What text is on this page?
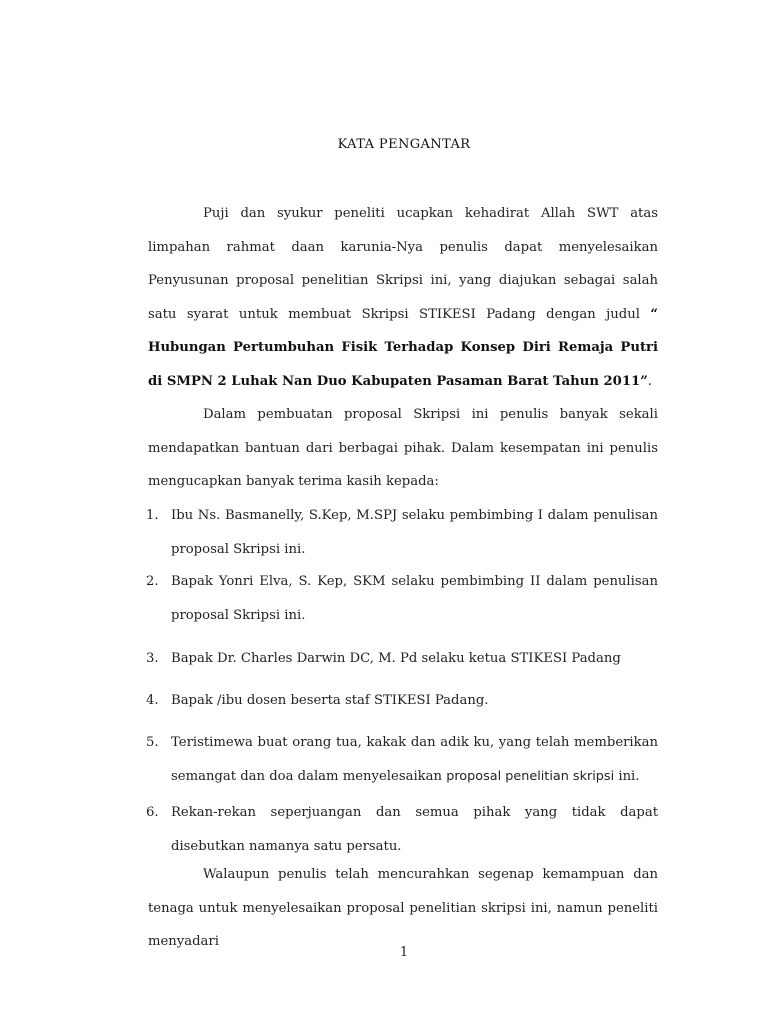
KATA PENGANTAR

Puji dan syukur peneliti ucapkan kehadirat Allah SWT atas limpahan rahmat daan karunia-Nya penulis dapat menyelesaikan Penyusunan proposal penelitian Skripsi ini, yang diajukan sebagai salah satu syarat untuk membuat Skripsi STIKESI Padang dengan judul “ Hubungan Pertumbuhan Fisik Terhadap Konsep Diri Remaja Putri di SMPN 2 Luhak Nan Duo Kabupaten Pasaman Barat Tahun 2011”.

Dalam pembuatan proposal Skripsi ini penulis banyak sekali mendapatkan bantuan dari berbagai pihak. Dalam kesempatan ini penulis mengucapkan banyak terima kasih kepada:

1. Ibu Ns. Basmanelly, S.Kep, M.SPJ selaku pembimbing I dalam penulisan proposal Skripsi ini.
2. Bapak Yonri Elva, S. Kep, SKM selaku pembimbing II dalam penulisan proposal Skripsi ini.
3. Bapak Dr. Charles Darwin DC, M. Pd selaku ketua STIKESI Padang
4. Bapak /ibu dosen beserta staf STIKESI Padang.
5. Teristimewa buat orang tua, kakak dan adik ku, yang telah memberikan semangat dan doa dalam menyelesaikan proposal penelitian skripsi ini.
6. Rekan-rekan seperjuangan dan semua pihak yang tidak dapat disebutkan namanya satu persatu.

Walaupun penulis telah mencurahkan segenap kemampuan dan tenaga untuk menyelesaikan proposal penelitian skripsi ini, namun peneliti menyadari

1
